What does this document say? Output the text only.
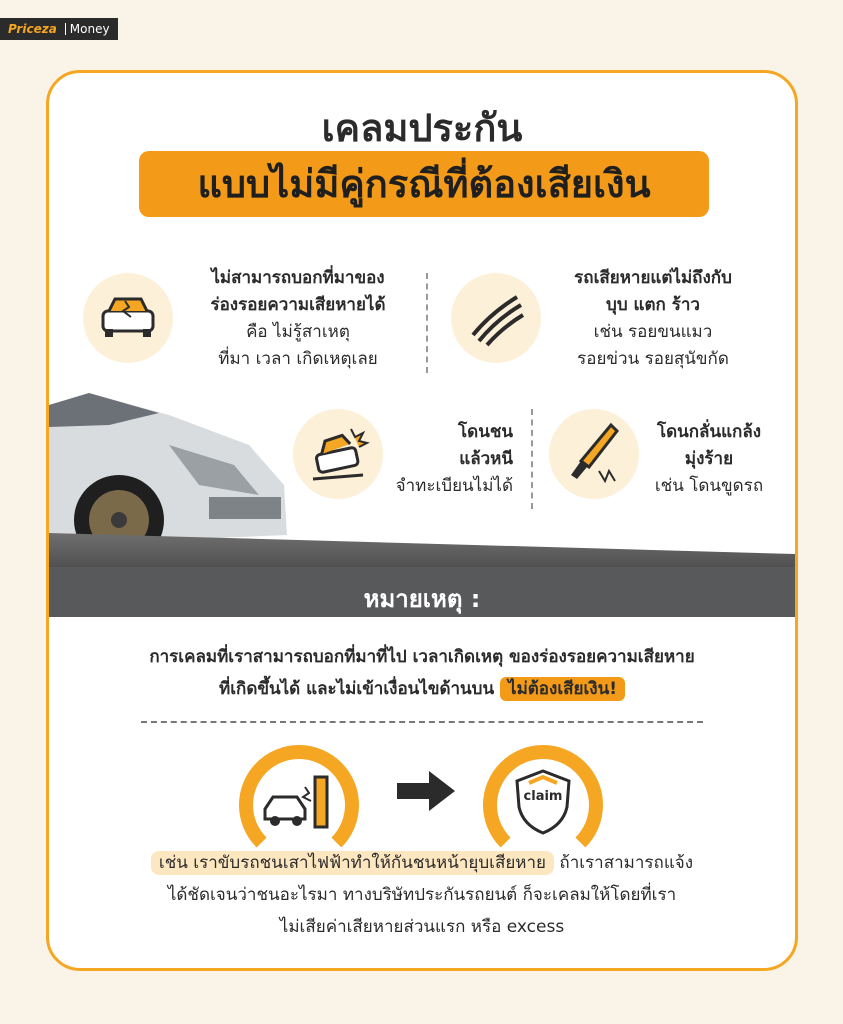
Priceza Money
เคลมประกัน
แบบไม่มีคู่กรณีที่ต้องเสียเงิน
ไม่สามารถบอกที่มาของ
ร่องรอยความเสียหายได้
คือ ไม่รู้สาเหตุ
ที่มา เวลา เกิดเหตุเลย
รถเสียหายแต่ไม่ถึงกับ
บุบ แตก ร้าว
เช่น รอยขนแมว
รอยข่วน รอยสุนัขกัด
โดนชน
แล้วหนี
จำทะเบียนไม่ได้
โดนกลั่นแกล้ง
มุ่งร้าย
เช่น โดนขูดรถ
หมายเหตุ :
การเคลมที่เราสามารถบอกที่มาที่ไป เวลาเกิดเหตุ ของร่องรอยความเสียหาย
ที่เกิดขึ้นได้ และไม่เข้าเงื่อนไขด้านบน ไม่ต้องเสียเงิน!
claim
เช่น เราขับรถชนเสาไฟฟ้าทำให้กันชนหน้ายุบเสียหาย ถ้าเราสามารถแจ้ง
ได้ชัดเจนว่าชนอะไรมา ทางบริษัทประกันรถยนต์ ก็จะเคลมให้โดยที่เรา
ไม่เสียค่าเสียหายส่วนแรก หรือ excess
